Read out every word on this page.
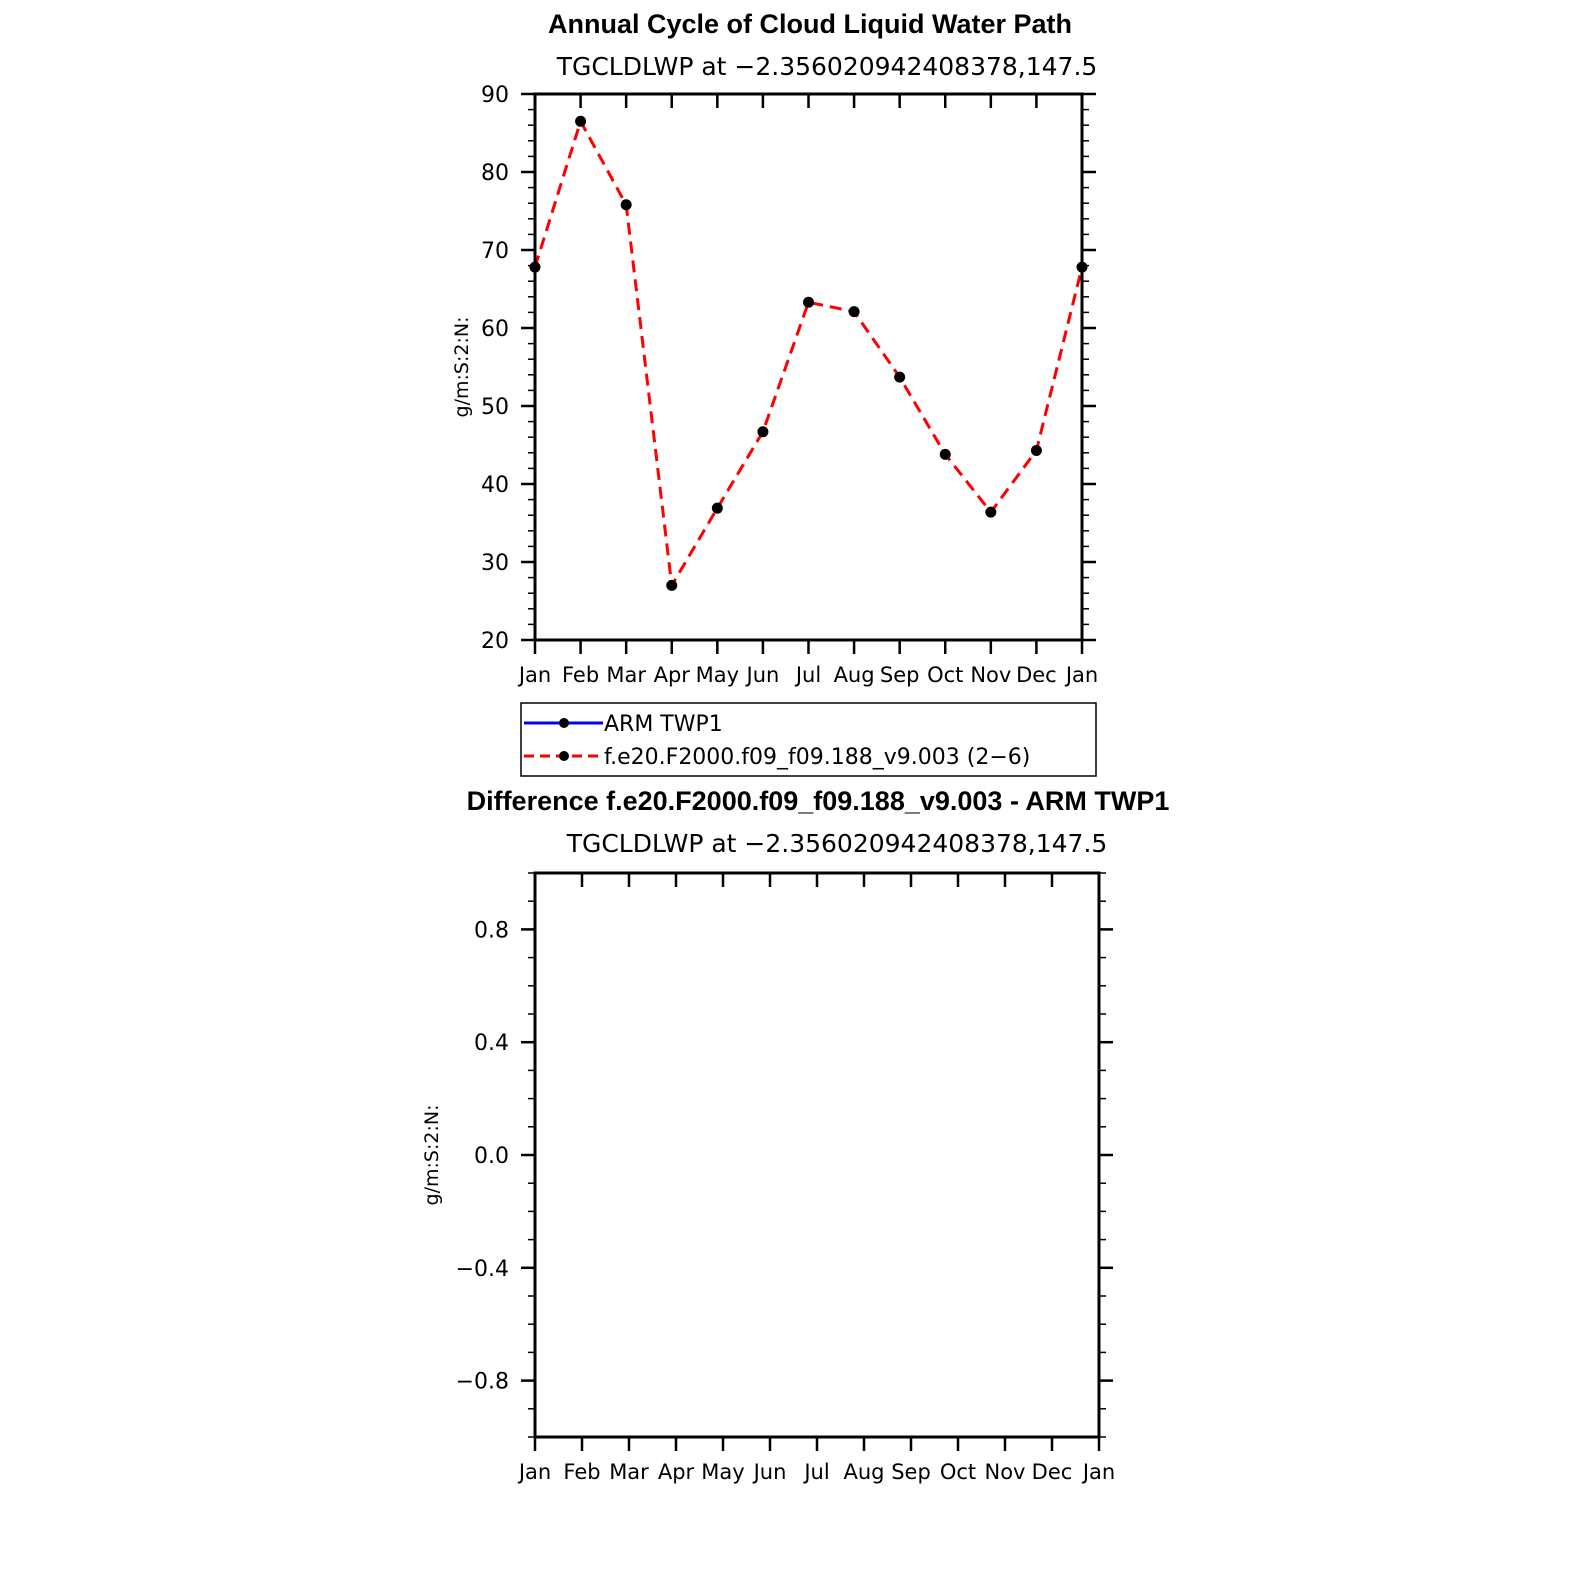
Annual Cycle of Cloud Liquid Water Path
TGCLDLWP at −2.356020942408378,147.5
g/m:S:2:N:
20
30
40
50
60
70
80
90
Jan Feb Mar Apr May Jun Jul Aug Sep Oct Nov Dec Jan
ARM TWP1
f.e20.F2000.f09_f09.188_v9.003 (2−6)
Difference f.e20.F2000.f09_f09.188_v9.003 - ARM TWP1
TGCLDLWP at −2.356020942408378,147.5
g/m:S:2:N:
−0.8
−0.4
0.0
0.4
0.8
Jan Feb Mar Apr May Jun Jul Aug Sep Oct Nov Dec Jan
